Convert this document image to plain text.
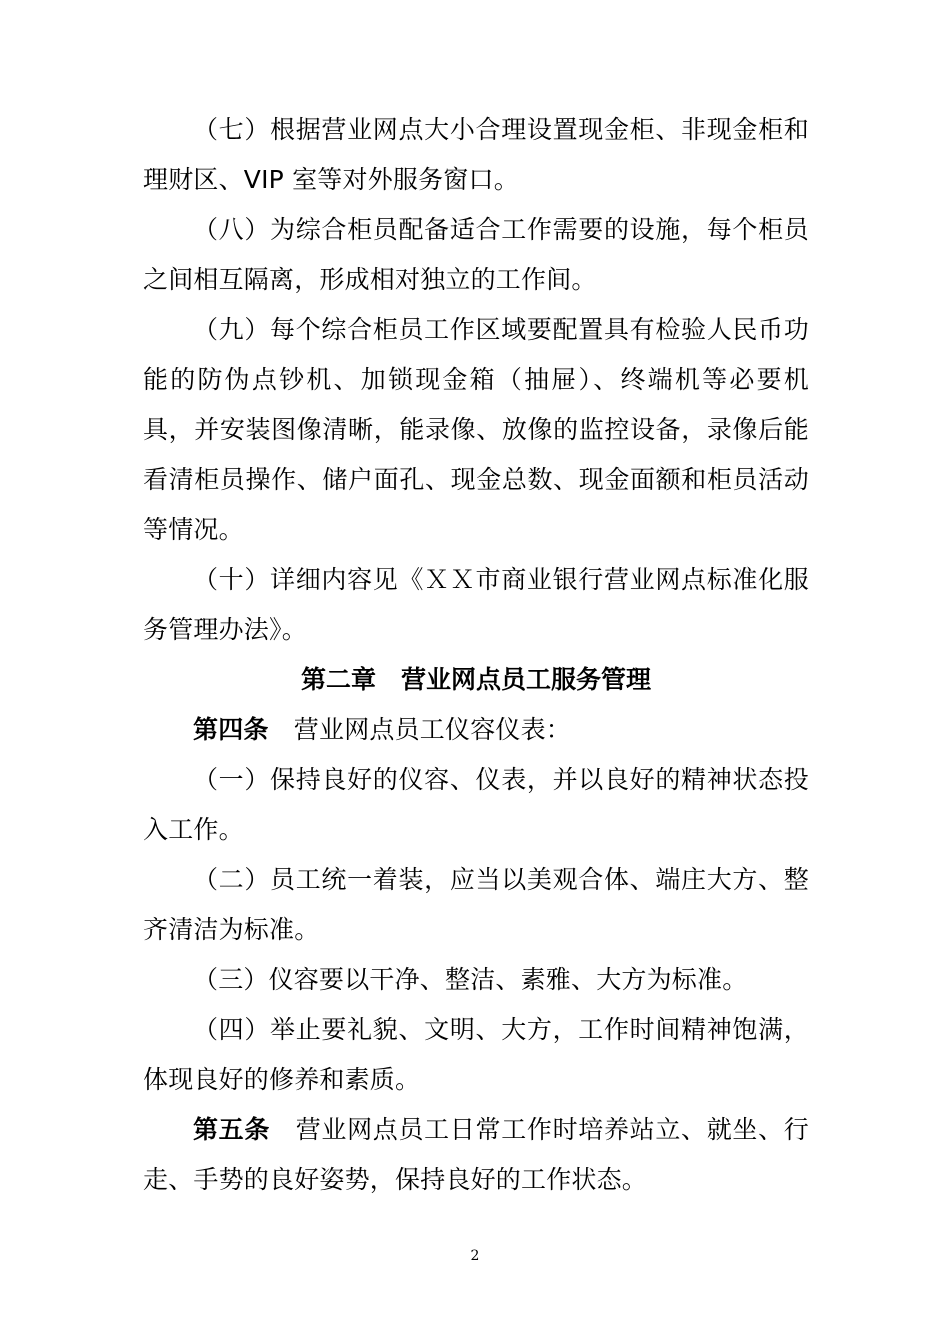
（七）根据营业网点大小合理设置现金柜、非现金柜和理财区、VIP 室等对外服务窗口。

（八）为综合柜员配备适合工作需要的设施，每个柜员之间相互隔离，形成相对独立的工作间。

（九）每个综合柜员工作区域要配置具有检验人民币功能的防伪点钞机、加锁现金箱（抽屉）、终端机等必要机具，并安装图像清晰，能录像、放像的监控设备，录像后能看清柜员操作、储户面孔、现金总数、现金面额和柜员活动等情况。

（十）详细内容见《ＸＸ市商业银行营业网点标准化服务管理办法》。

第二章　营业网点员工服务管理

第四条　营业网点员工仪容仪表：

（一）保持良好的仪容、仪表，并以良好的精神状态投入工作。

（二）员工统一着装，应当以美观合体、端庄大方、整齐清洁为标准。

（三）仪容要以干净、整洁、素雅、大方为标准。

（四）举止要礼貌、文明、大方，工作时间精神饱满，体现良好的修养和素质。

第五条　营业网点员工日常工作时培养站立、就坐、行走、手势的良好姿势，保持良好的工作状态。

2
